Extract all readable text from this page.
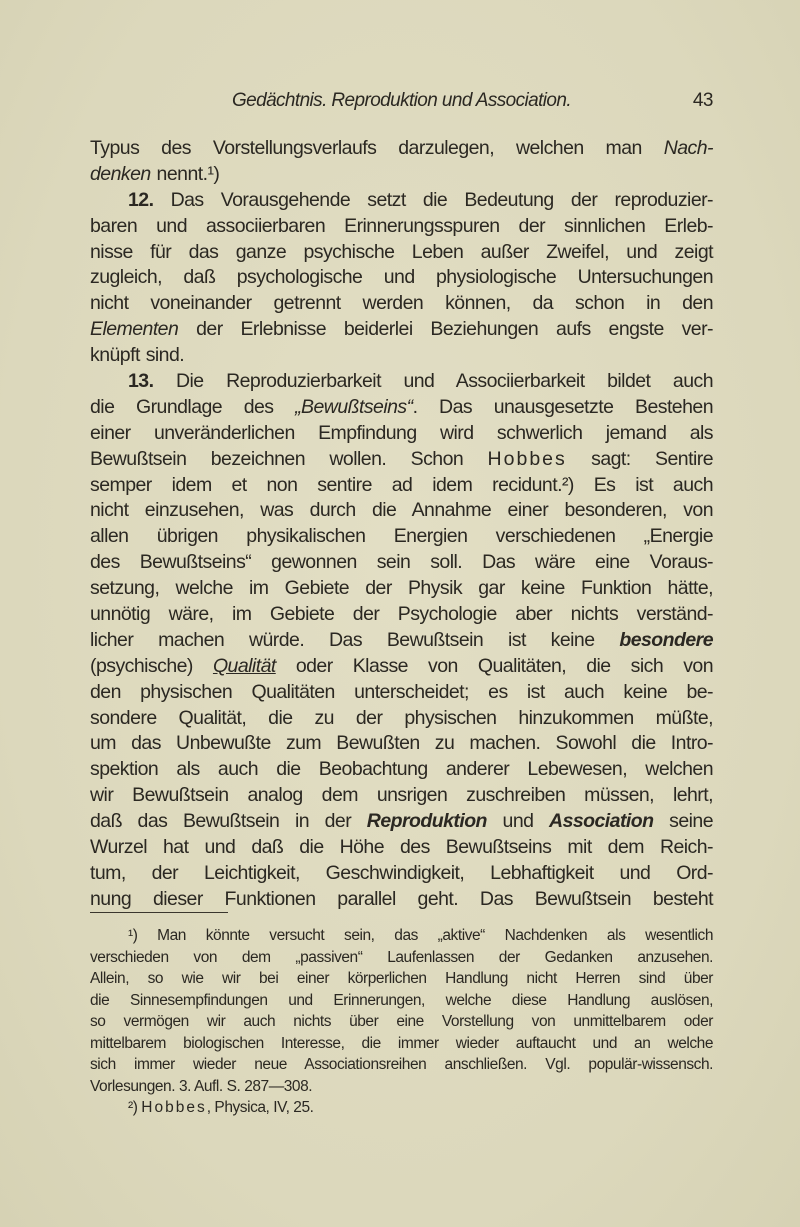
Gedächtnis. Reproduktion und Association.	43
Typus des Vorstellungsverlaufs darzulegen, welchen man Nach-
denken nennt.¹)
12. Das Vorausgehende setzt die Bedeutung der reproduzier-
baren und associierbaren Erinnerungsspuren der sinnlichen Erleb-
nisse für das ganze psychische Leben außer Zweifel, und zeigt
zugleich, daß psychologische und physiologische Untersuchungen
nicht voneinander getrennt werden können, da schon in den
Elementen der Erlebnisse beiderlei Beziehungen aufs engste ver-
knüpft sind.
13. Die Reproduzierbarkeit und Associierbarkeit bildet auch
die Grundlage des „Bewußtseins“. Das unausgesetzte Bestehen
einer unveränderlichen Empfindung wird schwerlich jemand als
Bewußtsein bezeichnen wollen. Schon Hobbes sagt: Sentire
semper idem et non sentire ad idem recidunt.²) Es ist auch
nicht einzusehen, was durch die Annahme einer besonderen, von
allen übrigen physikalischen Energien verschiedenen „Energie
des Bewußtseins“ gewonnen sein soll. Das wäre eine Voraus-
setzung, welche im Gebiete der Physik gar keine Funktion hätte,
unnötig wäre, im Gebiete der Psychologie aber nichts verständ-
licher machen würde. Das Bewußtsein ist keine besondere
(psychische) Qualität oder Klasse von Qualitäten, die sich von
den physischen Qualitäten unterscheidet; es ist auch keine be-
sondere Qualität, die zu der physischen hinzukommen müßte,
um das Unbewußte zum Bewußten zu machen. Sowohl die Intro-
spektion als auch die Beobachtung anderer Lebewesen, welchen
wir Bewußtsein analog dem unsrigen zuschreiben müssen, lehrt,
daß das Bewußtsein in der Reproduktion und Association seine
Wurzel hat und daß die Höhe des Bewußtseins mit dem Reich-
tum, der Leichtigkeit, Geschwindigkeit, Lebhaftigkeit und Ord-
nung dieser Funktionen parallel geht. Das Bewußtsein besteht
¹) Man könnte versucht sein, das „aktive“ Nachdenken als wesentlich
verschieden von dem „passiven“ Laufenlassen der Gedanken anzusehen.
Allein, so wie wir bei einer körperlichen Handlung nicht Herren sind über
die Sinnesempfindungen und Erinnerungen, welche diese Handlung auslösen,
so vermögen wir auch nichts über eine Vorstellung von unmittelbarem oder
mittelbarem biologischen Interesse, die immer wieder auftaucht und an welche
sich immer wieder neue Associationsreihen anschließen. Vgl. populär-wissensch.
Vorlesungen. 3. Aufl. S. 287—308.
²) Hobbes, Physica, IV, 25.
